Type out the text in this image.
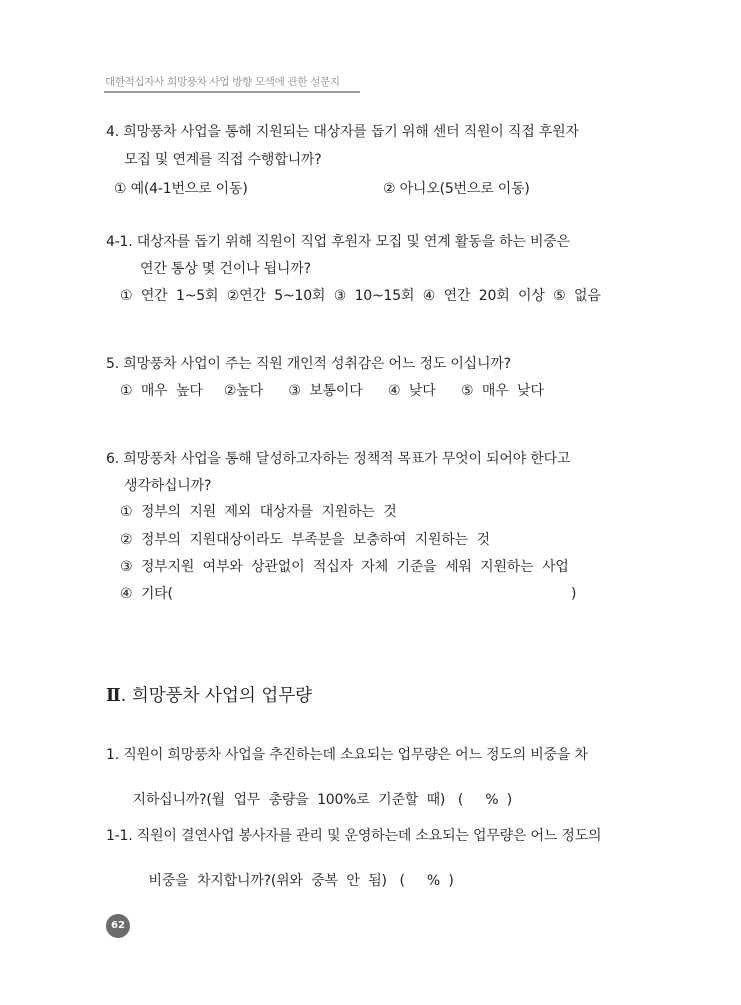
대한적십자사 희망풍차 사업 방향 모색에 관한 설문지
4. 희망풍차 사업을 통해 지원되는 대상자를 돕기 위해 센터 직원이 직접 후원자
모집 및 연계를 직접 수행합니까?
① 예(4-1번으로 이동)	② 아니오(5번으로 이동)
4-1. 대상자를 돕기 위해 직원이 직업 후원자 모집 및 연계 활동을 하는 비중은
연간 통상 몇 건이나 됩니까?
①  연간  1~5회  ②연간  5~10회  ③  10~15회  ④  연간  20회  이상  ⑤  없음
5. 희망풍차 사업이 주는 직원 개인적 성취감은 어느 정도 이십니까?
①  매우  높다     ②높다      ③  보통이다      ④  낮다      ⑤  매우  낮다
6. 희망풍차 사업을 통해 달성하고자하는 정책적 목표가 무엇이 되어야 한다고
생각하십니까?
①  정부의  지원  제외  대상자를  지원하는  것
②  정부의  지원대상이라도  부족분을  보충하여  지원하는  것
③  정부지원  여부와  상관없이  적십자  자체  기준을  세워  지원하는  사업
④  기타(	)
Ⅱ. 희망풍차 사업의 업무량
1. 직원이 희망풍차 사업을 추진하는데 소요되는 업무량은 어느 정도의 비중을 차

지하십니까?(월  업무  총량을  100%로  기준할  때)   ( %  )

1-1. 직원이 결연사업 봉사자를 관리 및 운영하는데 소요되는 업무량은 어느 정도의

비중을  차지합니까?(위와  중복  안  됨)   ( %  )

62
